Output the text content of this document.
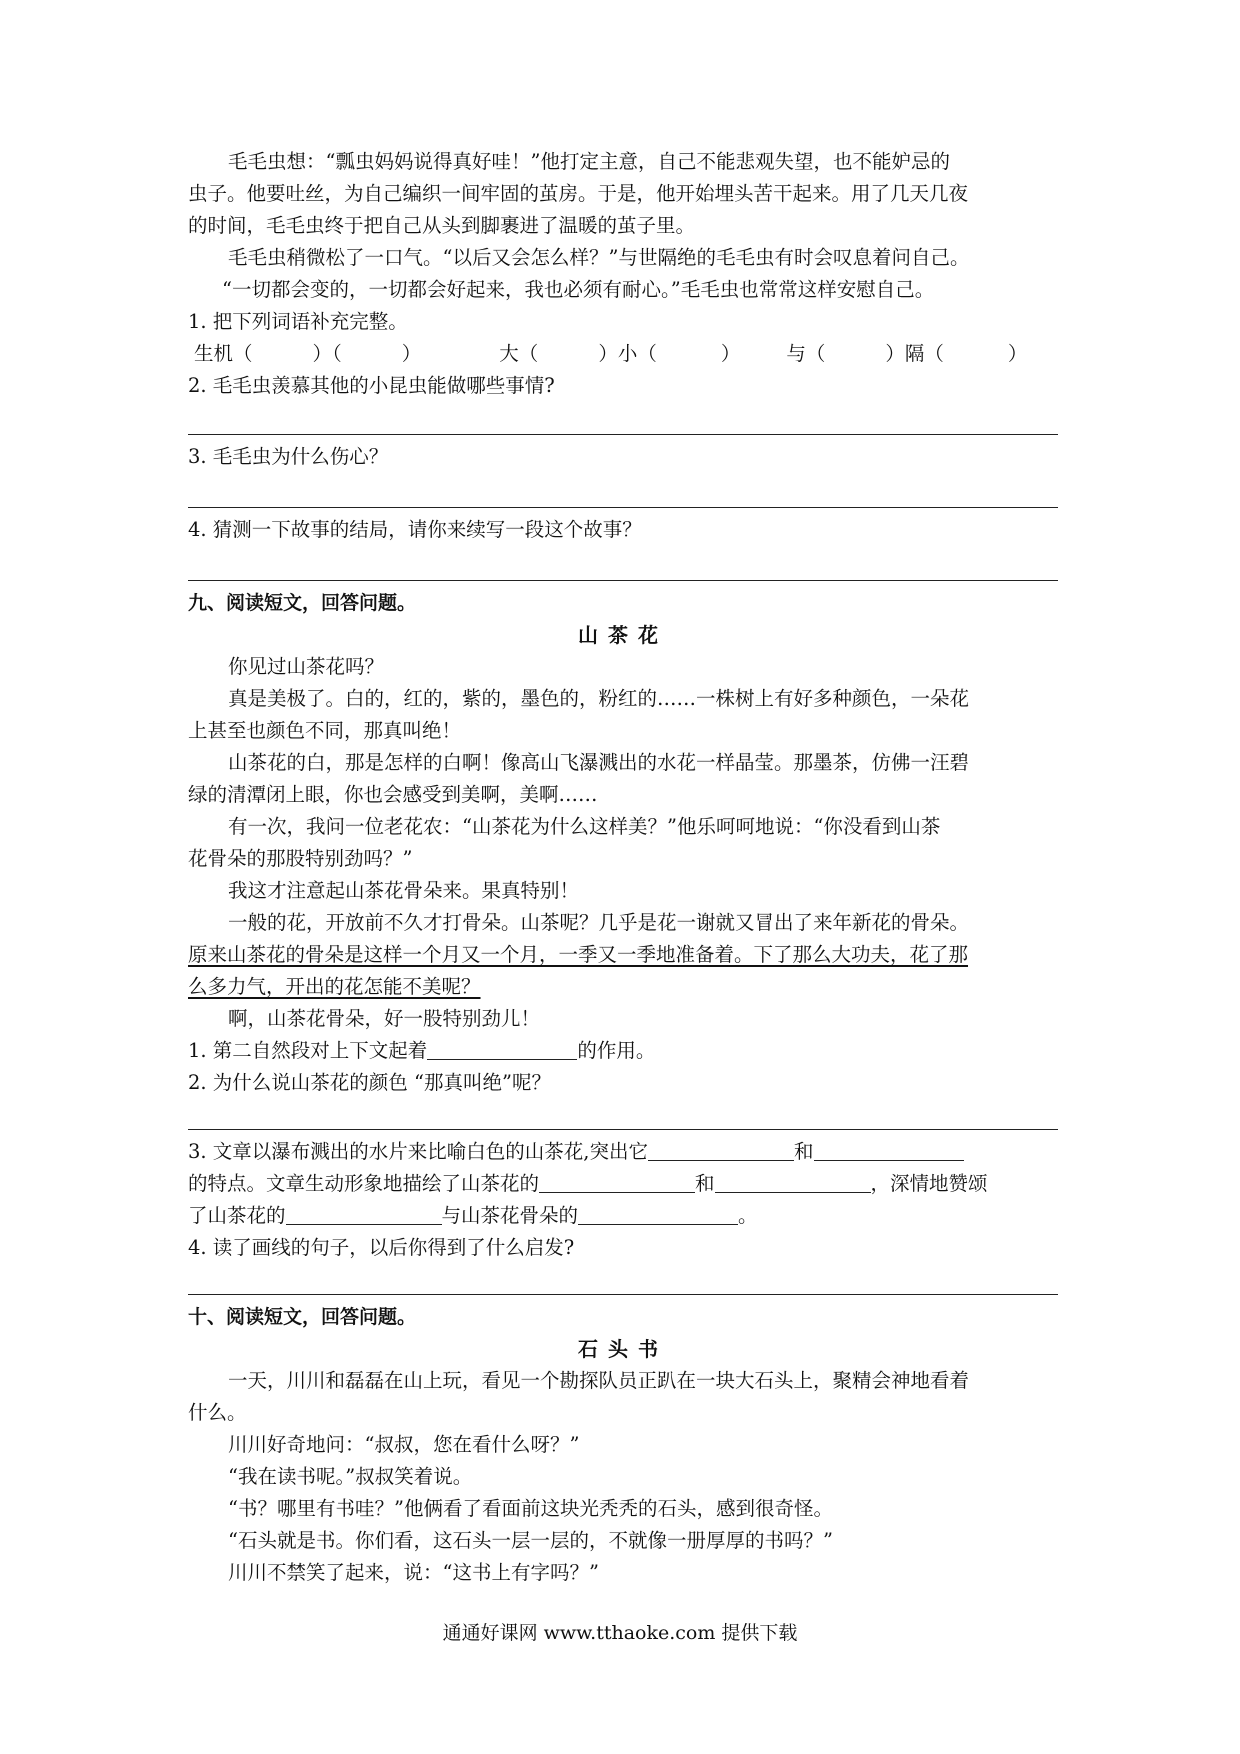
毛毛虫想：“瓢虫妈妈说得真好哇！”他打定主意，自己不能悲观失望，也不能妒忌的
虫子。他要吐丝，为自己编织一间牢固的茧房。于是，他开始埋头苦干起来。用了几天几夜
的时间，毛毛虫终于把自己从头到脚裹进了温暖的茧子里。
毛毛虫稍微松了一口气。“以后又会怎么样？”与世隔绝的毛毛虫有时会叹息着问自己。
“一切都会变的，一切都会好起来，我也必须有耐心。”毛毛虫也常常这样安慰自己。
1. 把下列词语补充完整。
生机（	）（	）	大（	）小（	） 与（	）隔（	）
2. 毛毛虫羡慕其他的小昆虫能做哪些事情?
3. 毛毛虫为什么伤心？
4. 猜测一下故事的结局，请你来续写一段这个故事？
九、阅读短文，回答问题。
山茶花
你见过山茶花吗？
真是美极了。白的，红的，紫的，墨色的，粉红的……一株树上有好多种颜色，一朵花
上甚至也颜色不同，那真叫绝！
山茶花的白，那是怎样的白啊！像高山飞瀑溅出的水花一样晶莹。那墨茶，仿佛一汪碧
绿的清潭闭上眼，你也会感受到美啊，美啊……
有一次，我问一位老花农：“山茶花为什么这样美？”他乐呵呵地说：“你没看到山茶
花骨朵的那股特别劲吗？”
我这才注意起山茶花骨朵来。果真特别！
一般的花，开放前不久才打骨朵。山茶呢？几乎是花一谢就又冒出了来年新花的骨朵。
原来山茶花的骨朵是这样一个月又一个月，一季又一季地准备着。下了那么大功夫，花了那
么多力气，开出的花怎能不美呢？
啊，山茶花骨朵，好一股特别劲儿！
1. 第二自然段对上下文起着	的作用。
2. 为什么说山茶花的颜色 “那真叫绝”呢？
3. 文章以瀑布溅出的水片来比喻白色的山茶花,突出它	和
的特点。文章生动形象地描绘了山茶花的	和	，深情地赞颂
了山茶花的	与山茶花骨朵的	。
4. 读了画线的句子，以后你得到了什么启发?
十、阅读短文，回答问题。
石头书
一天，川川和磊磊在山上玩，看见一个勘探队员正趴在一块大石头上，聚精会神地看着
什么。
川川好奇地问：“叔叔，您在看什么呀？”
“我在读书呢。”叔叔笑着说。
“书？哪里有书哇？”他俩看了看面前这块光秃秃的石头，感到很奇怪。
“石头就是书。你们看，这石头一层一层的，不就像一册厚厚的书吗？”
川川不禁笑了起来，说：“这书上有字吗？”
通通好课网 www.tthaoke.com 提供下载
